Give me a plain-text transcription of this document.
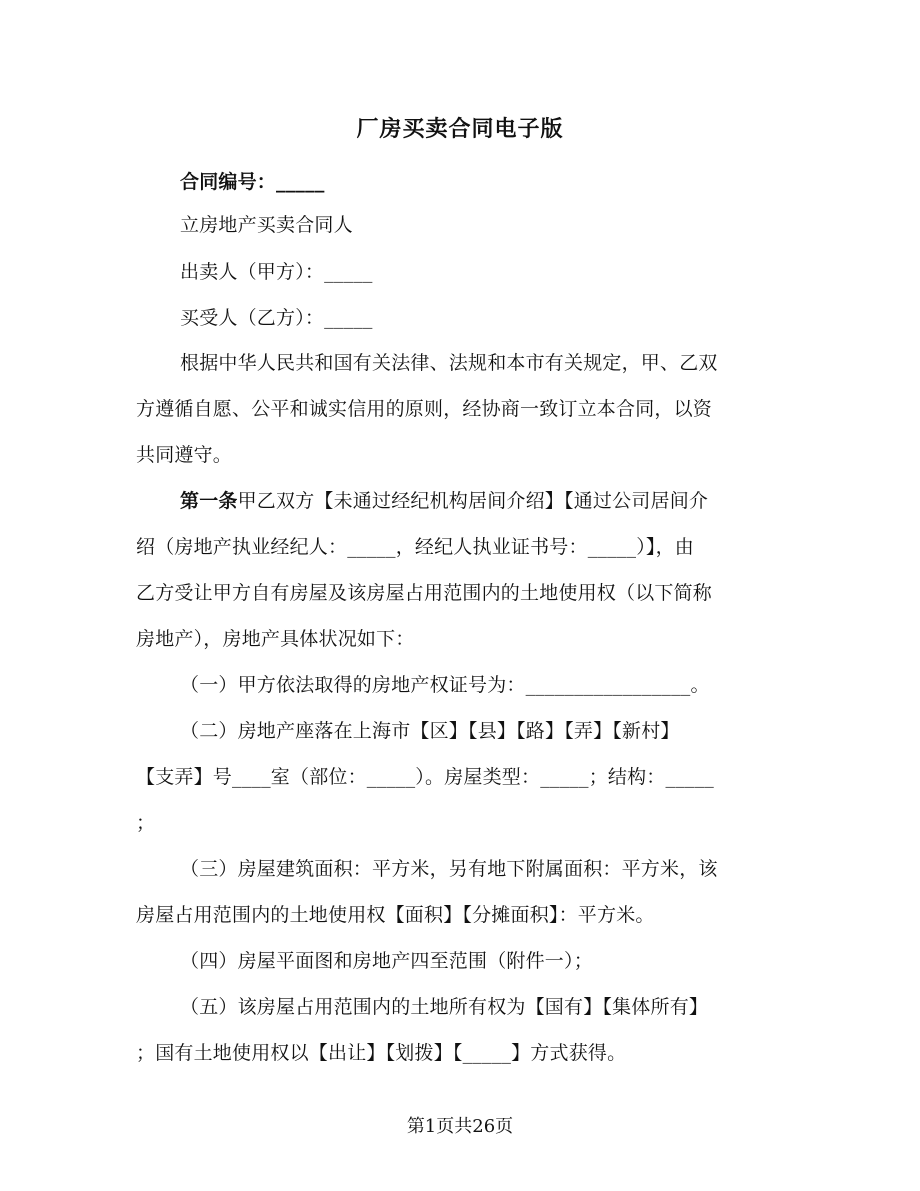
厂房买卖合同电子版
合同编号：_____
立房地产买卖合同人
出卖人（甲方）：_____
买受人（乙方）：_____
根据中华人民共和国有关法律、法规和本市有关规定，甲、乙双
方遵循自愿、公平和诚实信用的原则，经协商一致订立本合同，以资
共同遵守。
第一条甲乙双方【未通过经纪机构居间介绍】【通过公司居间介
绍（房地产执业经纪人：_____，经纪人执业证书号：_____）】，由
乙方受让甲方自有房屋及该房屋占用范围内的土地使用权（以下简称
房地产），房地产具体状况如下：
（一）甲方依法取得的房地产权证号为：_________________。
（二）房地产座落在上海市【区】【县】【路】【弄】【新村】
【支弄】号____室（部位：_____）。房屋类型：_____；结构：_____
；
（三）房屋建筑面积：平方米，另有地下附属面积：平方米，该
房屋占用范围内的土地使用权【面积】【分摊面积】：平方米。
（四）房屋平面图和房地产四至范围（附件一）；
（五）该房屋占用范围内的土地所有权为【国有】【集体所有】
；国有土地使用权以【出让】【划拨】【_____】方式获得。
第1页共26页
